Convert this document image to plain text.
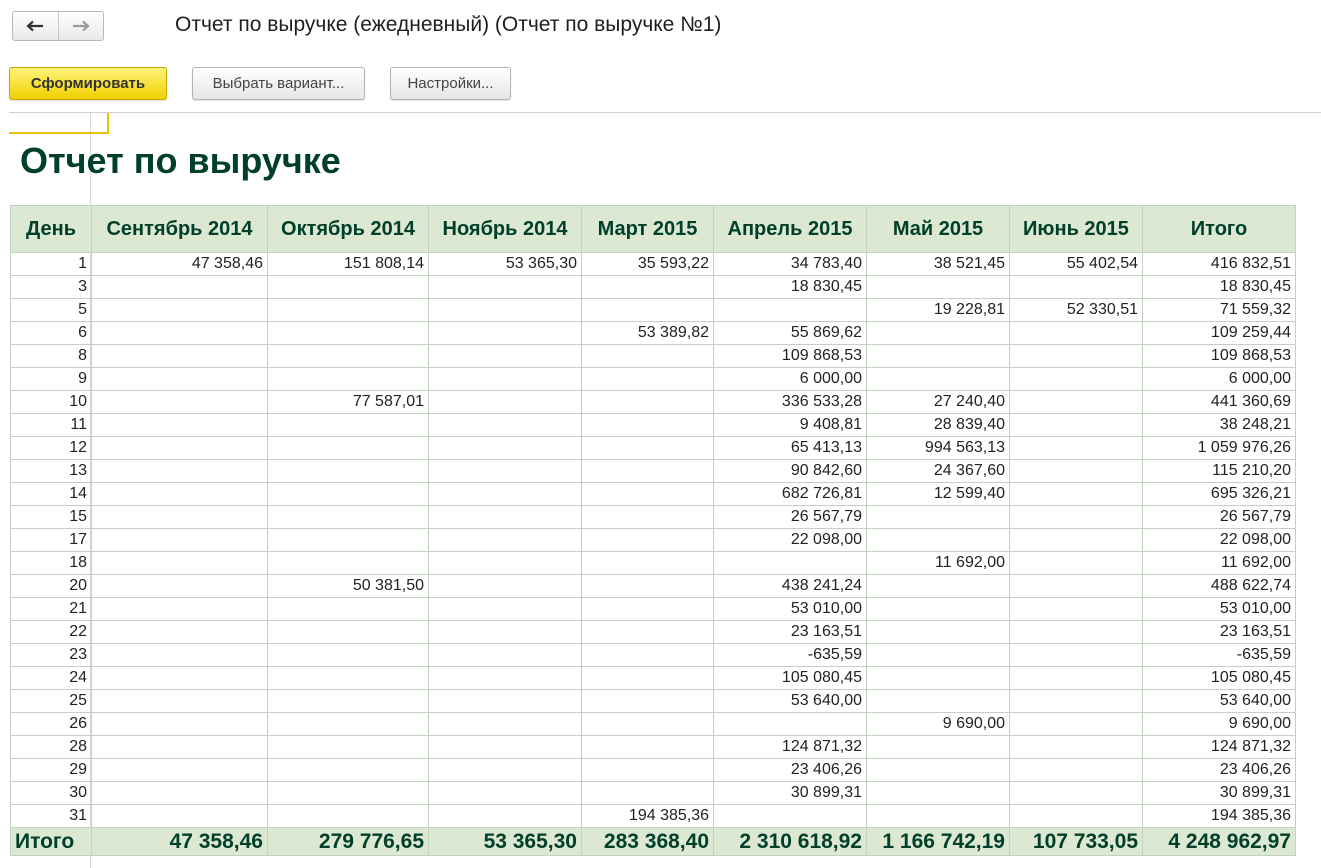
Отчет по выручке (ежедневный) (Отчет по выручке №1)
Сформировать	Выбрать вариант...	Настройки...
Отчет по выручке
День	Сентябрь 2014	Октябрь 2014	Ноябрь 2014	Март 2015	Апрель 2015	Май 2015	Июнь 2015	Итого
1	47 358,46	151 808,14	53 365,30	35 593,22	34 783,40	38 521,45	55 402,54	416 832,51
3					18 830,45			18 830,45
5						19 228,81	52 330,51	71 559,32
6				53 389,82	55 869,62			109 259,44
8					109 868,53			109 868,53
9					6 000,00			6 000,00
10		77 587,01			336 533,28	27 240,40		441 360,69
11					9 408,81	28 839,40		38 248,21
12					65 413,13	994 563,13		1 059 976,26
13					90 842,60	24 367,60		115 210,20
14					682 726,81	12 599,40		695 326,21
15					26 567,79			26 567,79
17					22 098,00			22 098,00
18						11 692,00		11 692,00
20		50 381,50			438 241,24			488 622,74
21					53 010,00			53 010,00
22					23 163,51			23 163,51
23					-635,59			-635,59
24					105 080,45			105 080,45
25					53 640,00			53 640,00
26						9 690,00		9 690,00
28					124 871,32			124 871,32
29					23 406,26			23 406,26
30					30 899,31			30 899,31
31				194 385,36				194 385,36
Итого	47 358,46	279 776,65	53 365,30	283 368,40	2 310 618,92	1 166 742,19	107 733,05	4 248 962,97
